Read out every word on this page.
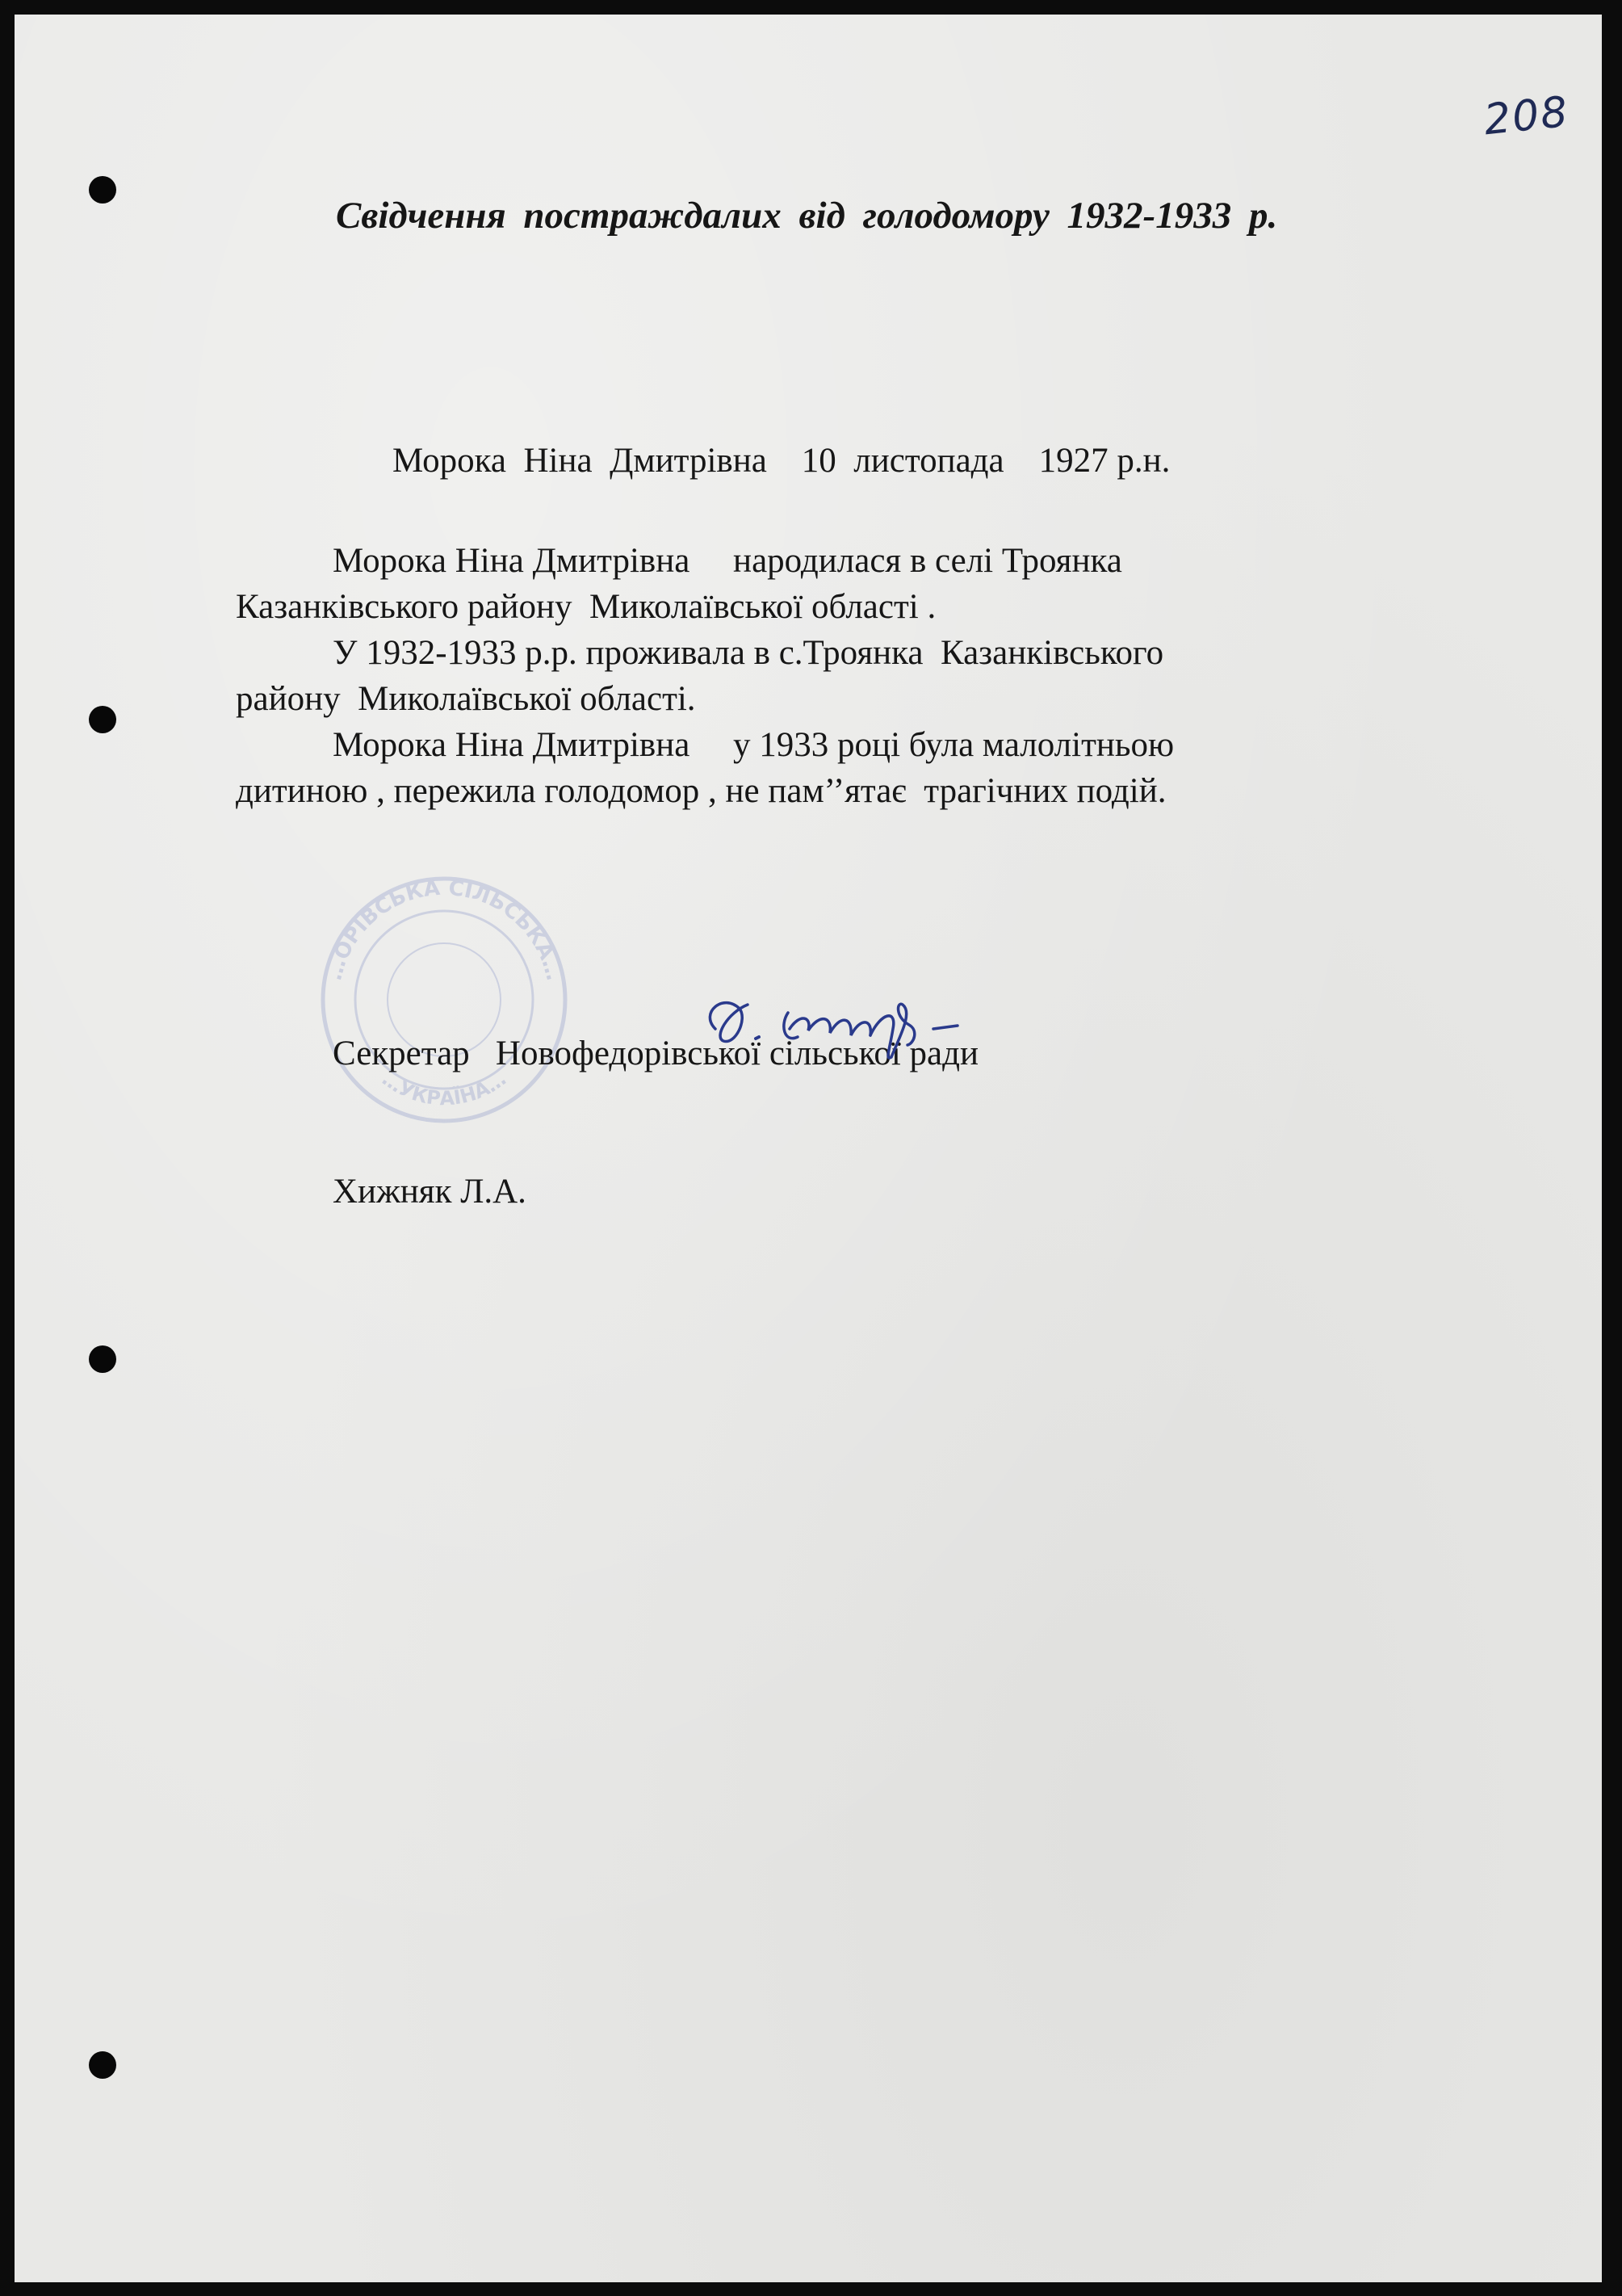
208
Свідчення постраждалих від голодомору 1932-1933 р.
Морока  Ніна  Дмитрівна    10  листопада    1927 р.н.

Морока Ніна Дмитрівна     народилася в селі Троянка

Казанківського району  Миколаївської області .

У 1932-1933 р.р. проживала в с.Троянка  Казанківського

району  Миколаївської області.

Морока Ніна Дмитрівна     у 1933 році була малолітньою

дитиною , пережила голодомор , не пам’’ятає  трагічних подій.

…ОРІВСЬКА СІЛЬСЬКА…
…УКРАЇНА…

Секретар   Новофедорівської сільської ради

Хижняк Л.А.
